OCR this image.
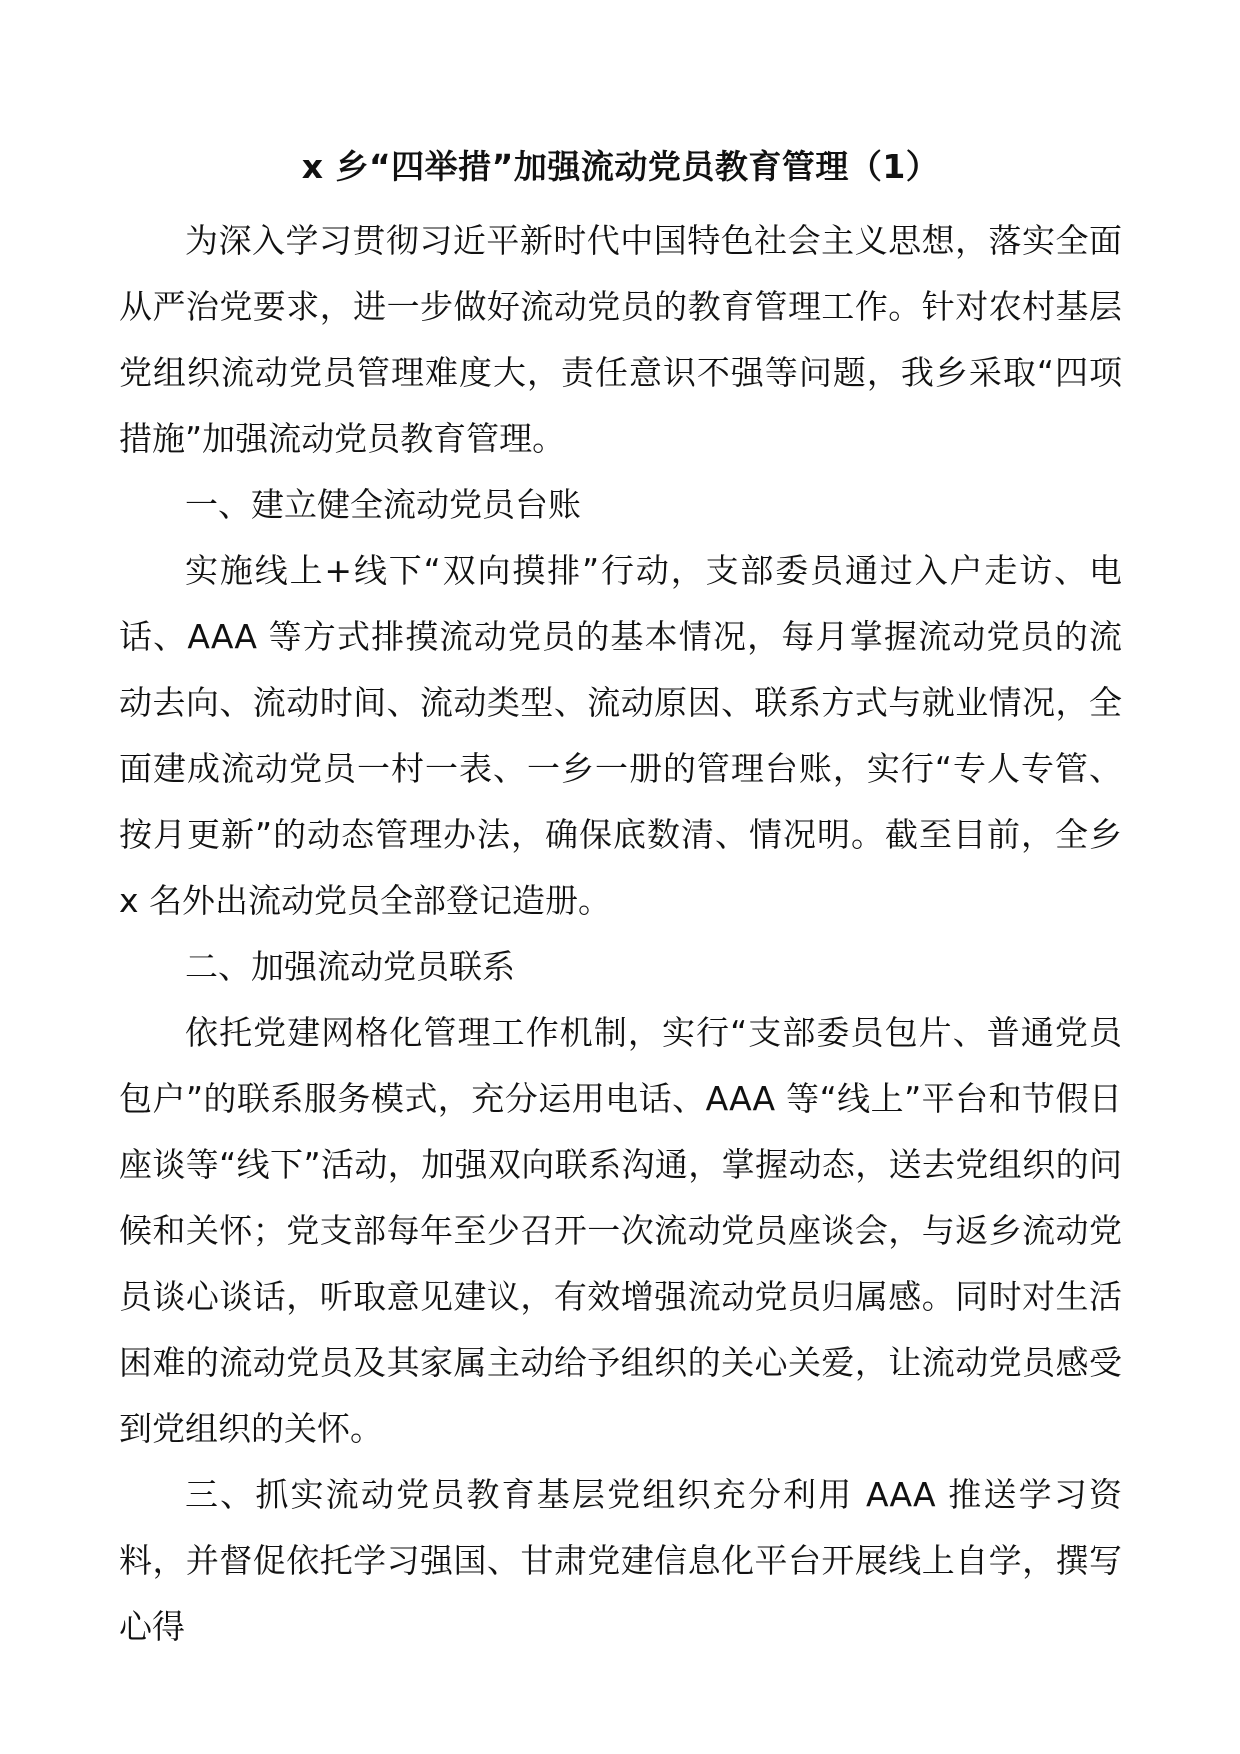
x 乡“四举措”加强流动党员教育管理（1）

为深入学习贯彻习近平新时代中国特色社会主义思想，落实全面从严治党要求，进一步做好流动党员的教育管理工作。针对农村基层党组织流动党员管理难度大，责任意识不强等问题，我乡采取“四项措施”加强流动党员教育管理。

一、建立健全流动党员台账

实施线上+线下“双向摸排”行动，支部委员通过入户走访、电话、AAA 等方式排摸流动党员的基本情况，每月掌握流动党员的流动去向、流动时间、流动类型、流动原因、联系方式与就业情况，全面建成流动党员一村一表、一乡一册的管理台账，实行“专人专管、按月更新”的动态管理办法，确保底数清、情况明。截至目前，全乡 x 名外出流动党员全部登记造册。

二、加强流动党员联系

依托党建网格化管理工作机制，实行“支部委员包片、普通党员包户”的联系服务模式，充分运用电话、AAA 等“线上”平台和节假日座谈等“线下”活动，加强双向联系沟通，掌握动态，送去党组织的问候和关怀；党支部每年至少召开一次流动党员座谈会，与返乡流动党员谈心谈话，听取意见建议，有效增强流动党员归属感。同时对生活困难的流动党员及其家属主动给予组织的关心关爱，让流动党员感受到党组织的关怀。

三、抓实流动党员教育基层党组织充分利用 AAA 推送学习资料，并督促依托学习强国、甘肃党建信息化平台开展线上自学，撰写心得
